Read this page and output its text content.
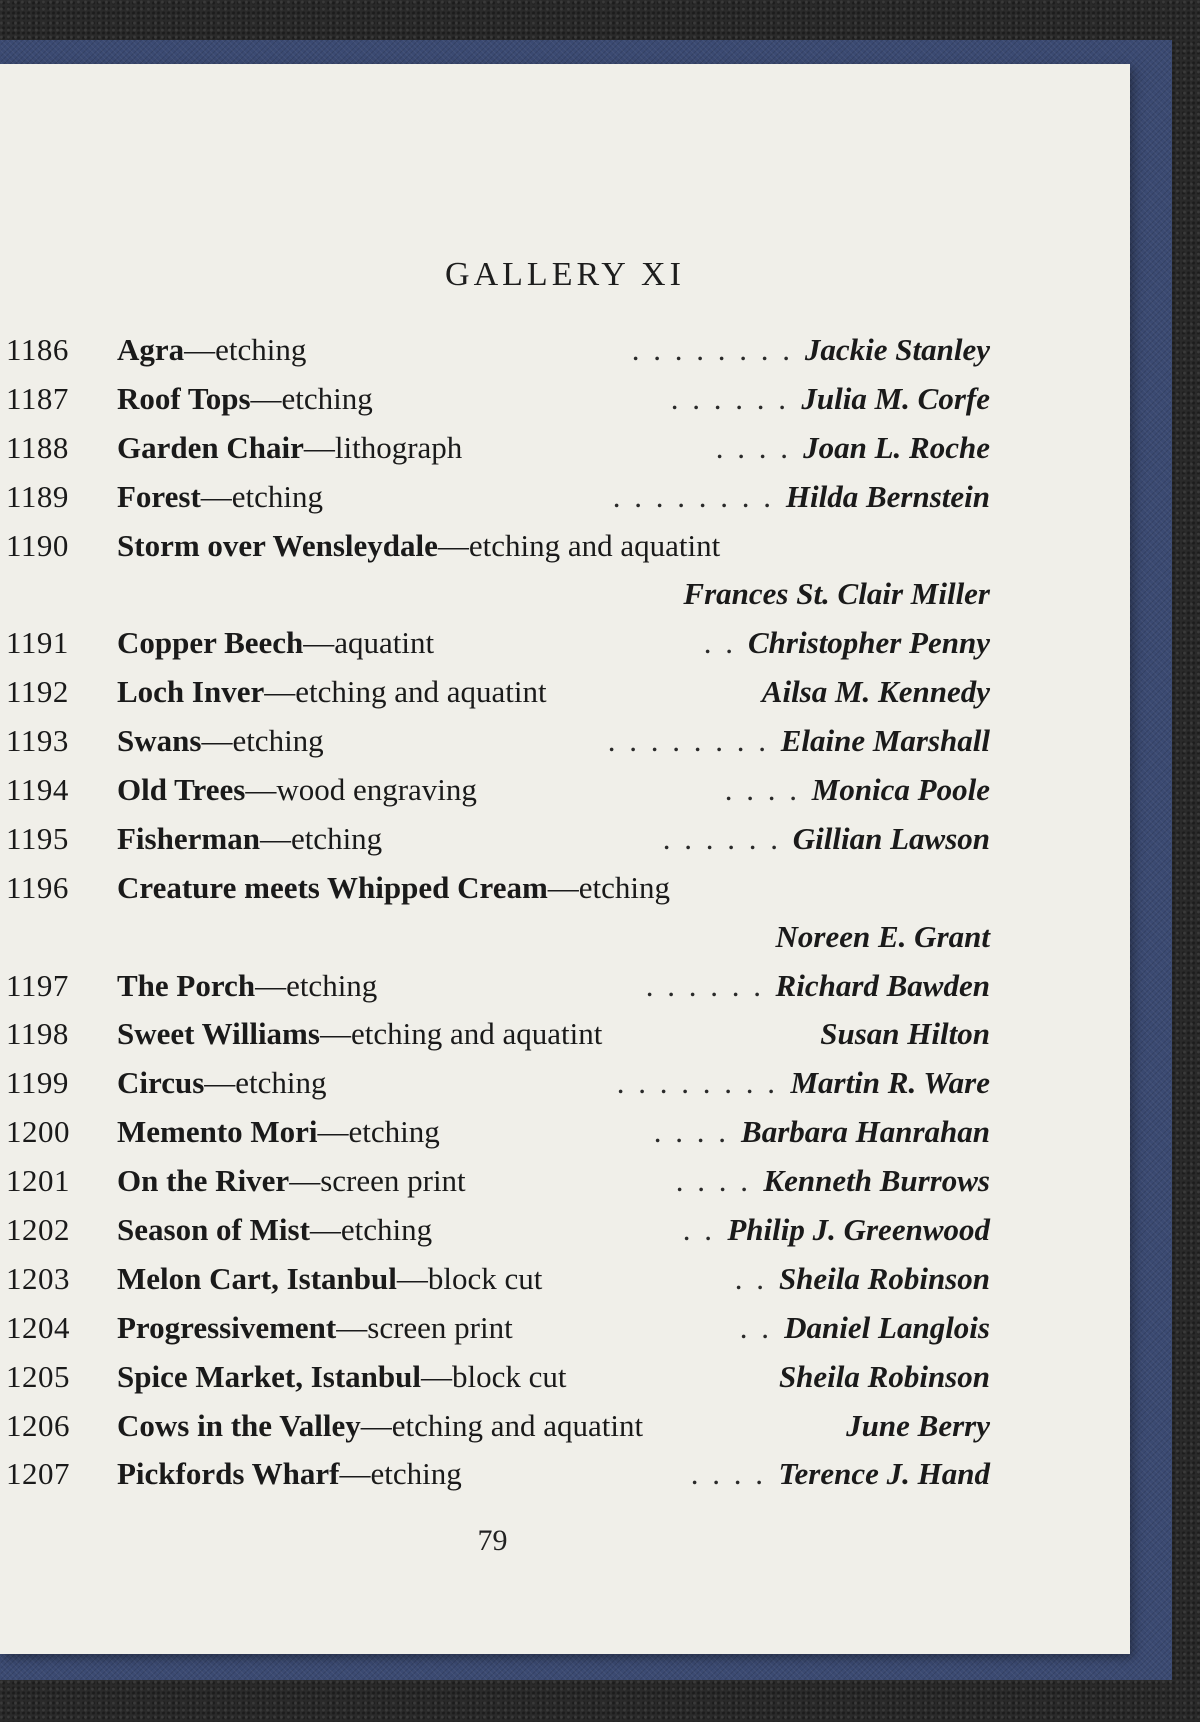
GALLERY XI
1186	Agra—etching	. . . . . . . . Jackie Stanley
1187	Roof Tops—etching	. . . . . . Julia M. Corfe
1188	Garden Chair—lithograph	. . . . Joan L. Roche
1189	Forest—etching	. . . . . . . . Hilda Bernstein
1190	Storm over Wensleydale—etching and aquatint
Frances St. Clair Miller
1191	Copper Beech—aquatint	. . Christopher Penny
1192	Loch Inver—etching and aquatint	Ailsa M. Kennedy
1193	Swans—etching	. . . . . . . . Elaine Marshall
1194	Old Trees—wood engraving	. . . . Monica Poole
1195	Fisherman—etching	. . . . . . Gillian Lawson
1196	Creature meets Whipped Cream—etching
Noreen E. Grant
1197	The Porch—etching	. . . . . . Richard Bawden
1198	Sweet Williams—etching and aquatint	Susan Hilton
1199	Circus—etching	. . . . . . . . Martin R. Ware
1200	Memento Mori—etching	. . . . Barbara Hanrahan
1201	On the River—screen print	. . . . Kenneth Burrows
1202	Season of Mist—etching	. . Philip J. Greenwood
1203	Melon Cart, Istanbul—block cut	. . Sheila Robinson
1204	Progressivement—screen print	. . Daniel Langlois
1205	Spice Market, Istanbul—block cut	Sheila Robinson
1206	Cows in the Valley—etching and aquatint	June Berry
1207	Pickfords Wharf—etching	. . . . Terence J. Hand
79
